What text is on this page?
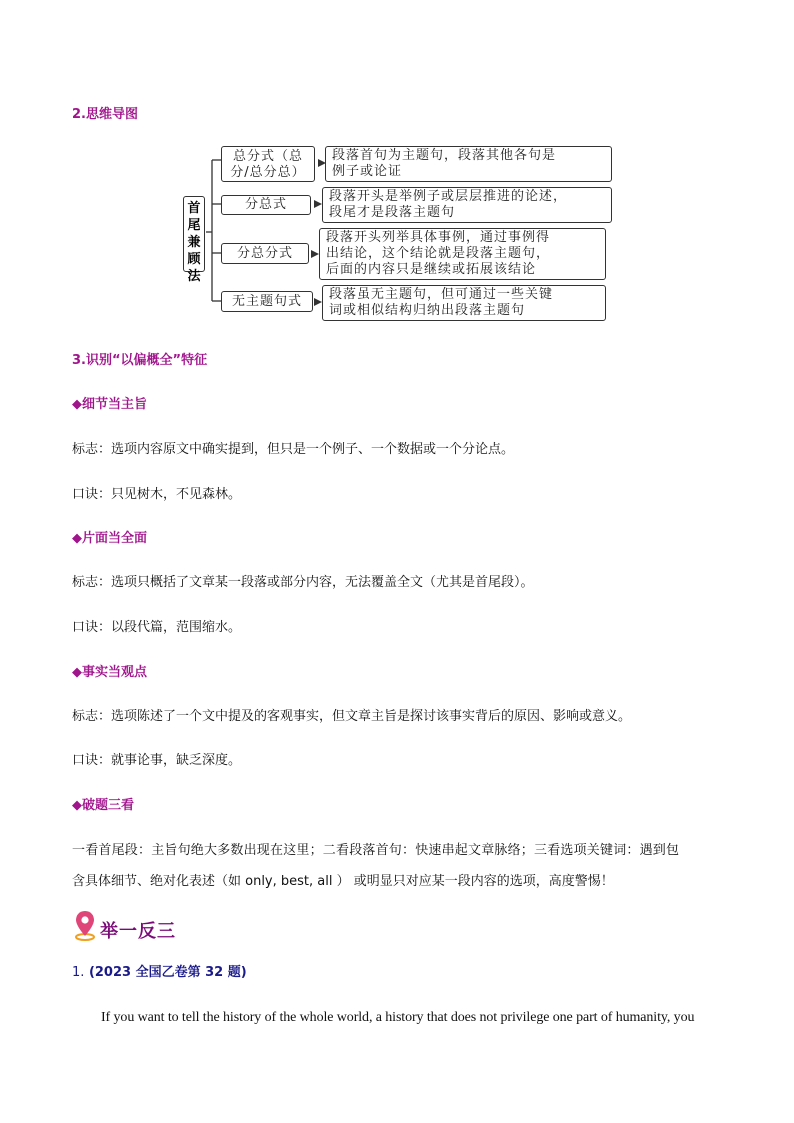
2.思维导图
首
尾
兼
顾
法
总分式（总
分/总分总）
段落首句为主题句，段落其他各句是
例子或论证
分总式
段落开头是举例子或层层推进的论述，
段尾才是段落主题句
分总分式
段落开头列举具体事例，通过事例得
出结论，这个结论就是段落主题句，
后面的内容只是继续或拓展该结论
无主题句式	段落虽无主题句，但可通过一些关键
词或相似结构归纳出段落主题句
3.识别“以偏概全”特征
◆细节当主旨
标志：选项内容原文中确实提到，但只是一个例子、一个数据或一个分论点。
口诀：只见树木，不见森林。
◆片面当全面
标志：选项只概括了文章某一段落或部分内容，无法覆盖全文（尤其是首尾段）。
口诀：以段代篇，范围缩水。
◆事实当观点
标志：选项陈述了一个文中提及的客观事实，但文章主旨是探讨该事实背后的原因、影响或意义。
口诀：就事论事，缺乏深度。
◆破题三看
一看首尾段：主旨句绝大多数出现在这里；二看段落首句：快速串起文章脉络；三看选项关键词：遇到包
含具体细节、绝对化表述（如 only, best, all ） 或明显只对应某一段内容的选项，高度警惕！
举一反三
1. (2023 全国乙卷第 32 题)
If you want to tell the history of the whole world, a history that does not privilege one part of humanity, you
